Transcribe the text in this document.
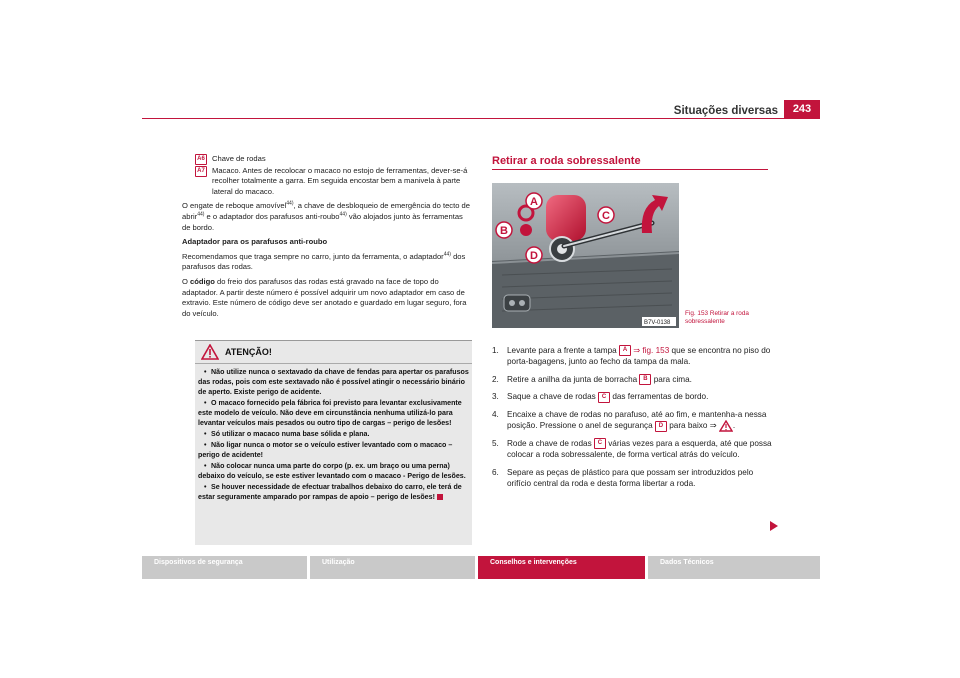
Situações diversas	243
A6 Chave de rodas
A7 Macaco. Antes de recolocar o macaco no estojo de ferramentas, dever-se-á recolher totalmente a garra. Em seguida encostar bem a manivela à parte lateral do macaco.

O engate de reboque amovível$^{44)}$, a chave de desbloqueio de emergência do tecto de abrir$^{44)}$ e o adaptador dos parafusos anti-roubo$^{44)}$ vão alojados junto às ferramentas de bordo.

Adaptador para os parafusos anti-roubo

Recomendamos que traga sempre no carro, junto da ferramenta, o adaptador$^{44)}$ dos parafusos das rodas.

O código do freio dos parafusos das rodas está gravado na face de topo do adaptador. A partir deste número é possível adquirir um novo adaptador em caso de extravio. Este número de código deve ser anotado e guardado em lugar seguro, fora do veículo.

ATENÇÃO!
• Não utilize nunca o sextavado da chave de fendas para apertar os parafusos das rodas, pois com este sextavado não é possível atingir o necessário binário de aperto. Existe perigo de acidente.
• O macaco fornecido pela fábrica foi previsto para levantar exclusivamente este modelo de veículo. Não deve em circunstância nenhuma utilizá-lo para levantar veículos mais pesados ou outro tipo de cargas – perigo de lesões!
• Só utilizar o macaco numa base sólida e plana.
• Não ligar nunca o motor se o veículo estiver levantado com o macaco – perigo de acidente!
• Não colocar nunca uma parte do corpo (p. ex. um braço ou uma perna) debaixo do veículo, se este estiver levantado com o macaco - Perigo de lesões.
• Se houver necessidade de efectuar trabalhos debaixo do carro, ele terá de estar seguramente amparado por rampas de apoio – perigo de lesões!
Retirar a roda sobressalente
A
B
C
D
B7V-0138
Fig. 153 Retirar a roda sobressalente
1. Levante para a frente a tampa A ⇒ fig. 153 que se encontra no piso do porta-bagagens, junto ao fecho da tampa da mala.
2. Retire a anilha da junta de borracha B para cima.
3. Saque a chave de rodas C das ferramentas de bordo.
4. Encaixe a chave de rodas no parafuso, até ao fim, e mantenha-a nessa posição. Pressione o anel de segurança D para baixo ⇒ .
5. Rode a chave de rodas C várias vezes para a esquerda, até que possa colocar a roda sobressalente, de forma vertical atrás do veículo.
6. Separe as peças de plástico para que possam ser introduzidos pelo orifício central da roda e desta forma libertar a roda.
Dispositivos de segurança	Utilização	Conselhos e intervenções	Dados Técnicos
